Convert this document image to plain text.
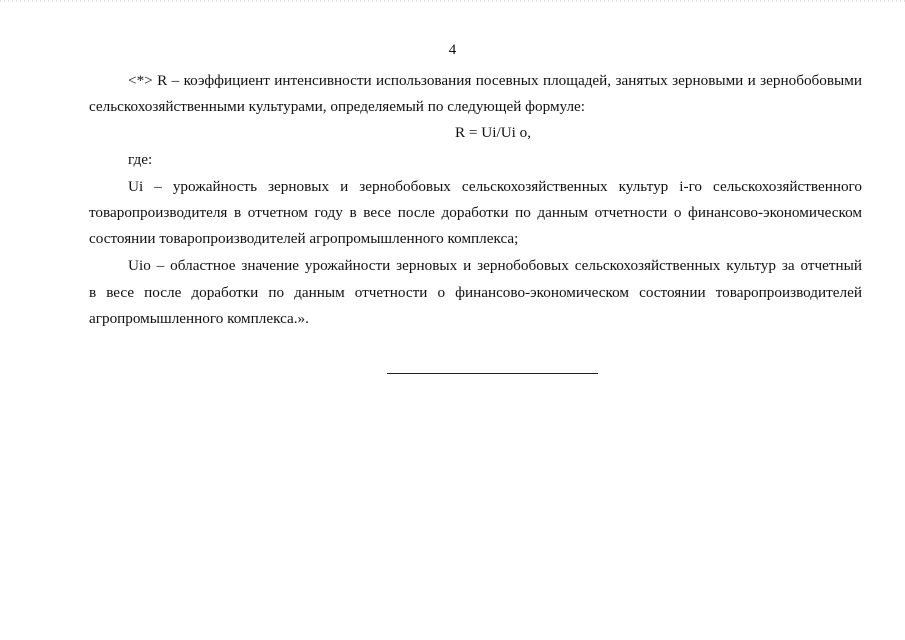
4
<*> R – коэффициент интенсивности использования посевных площадей, занятых зерновыми и зернобобовыми
сельскохозяйственными культурами, определяемый по следующей формуле:
R = Ui/Ui о,
где:
Ui – урожайность зерновых и зернобобовых сельскохозяйственных культур i-го сельскохозяйственного
товаропроизводителя в отчетном году в весе после доработки по данным отчетности о финансово-экономическом
состоянии товаропроизводителей агропромышленного комплекса;
Uio – областное значение урожайности зерновых и зернобобовых сельскохозяйственных культур за отчетный
в весе после доработки по данным отчетности о финансово-экономическом состоянии товаропроизводителей
агропромышленного комплекса.».
